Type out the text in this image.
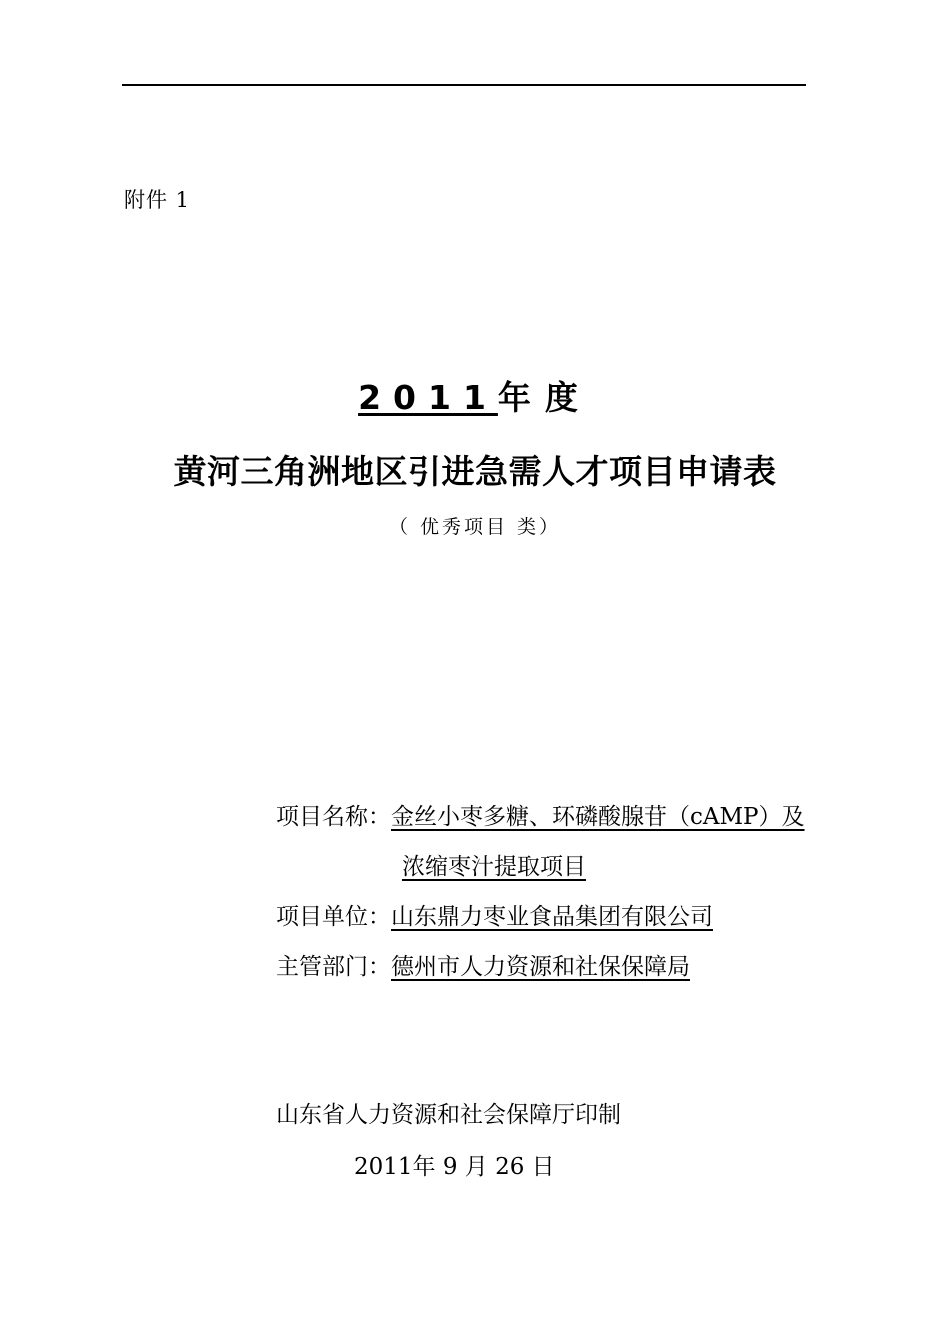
附件 1
2011年度
黄河三角洲地区引进急需人才项目申请表
（ 优秀项目 类）
项目名称：金丝小枣多糖、环磷酸腺苷（cAMP）及
浓缩枣汁提取项目
项目单位：山东鼎力枣业食品集团有限公司
主管部门：德州市人力资源和社保保障局
山东省人力资源和社会保障厅印制
2011年 9 月 26 日
